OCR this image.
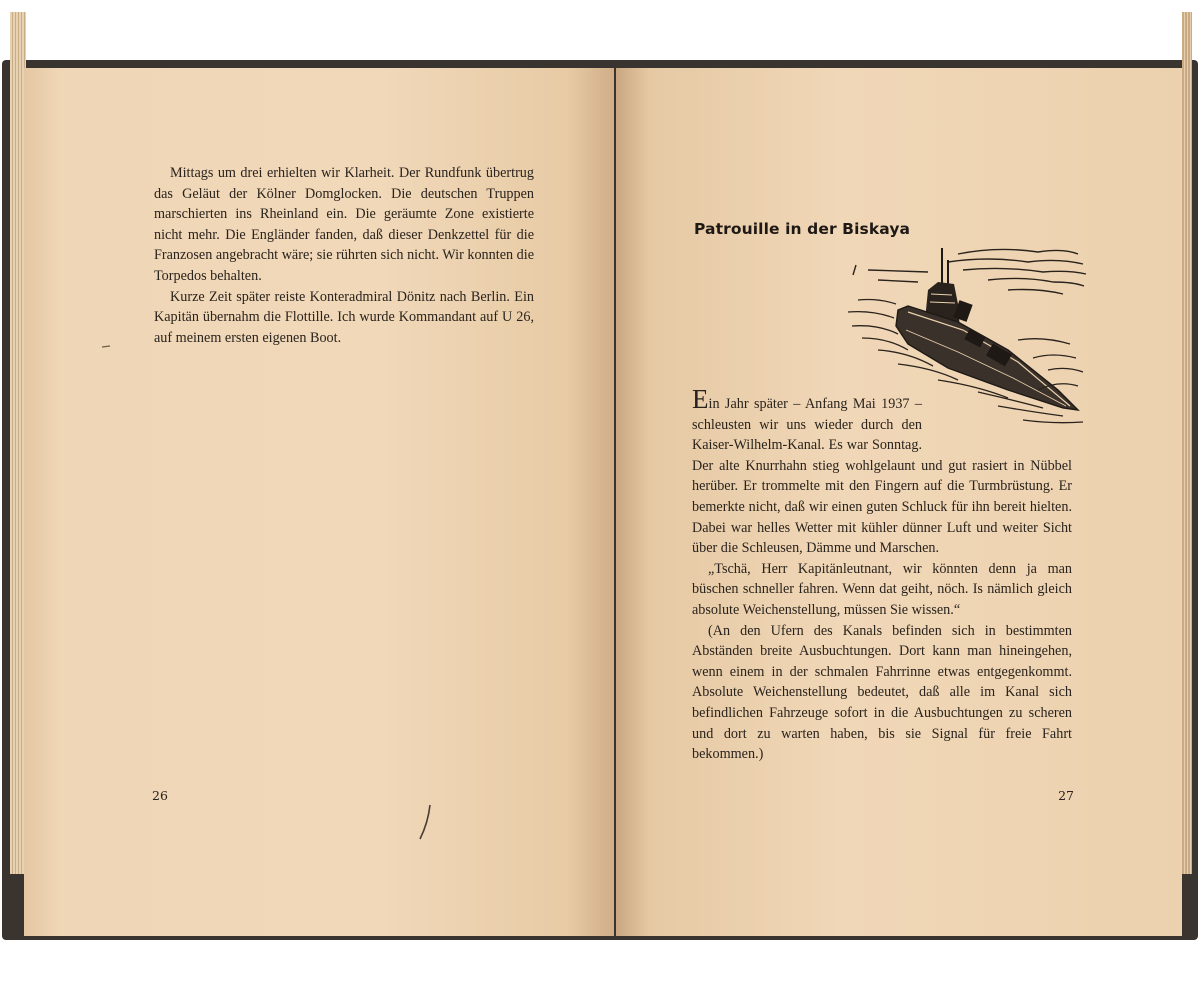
Mittags um drei erhielten wir Klarheit. Der Rundfunk übertrug das Geläut der Kölner Domglocken. Die deutschen Truppen marschierten ins Rheinland ein. Die geräumte Zone existierte nicht mehr. Die Engländer fanden, daß dieser Denkzettel für die Franzosen angebracht wäre; sie rührten sich nicht. Wir konnten die Torpedos behalten.

Kurze Zeit später reiste Konteradmiral Dönitz nach Berlin. Ein Kapitän übernahm die Flottille. Ich wurde Kommandant auf U 26, auf meinem ersten eigenen Boot.

26
Patrouille in der Biskaya

Ein Jahr später – Anfang Mai 1937 – schleusten wir uns wieder durch den Kaiser-Wilhelm-Kanal. Es war Sonntag. Der alte Knurrhahn stieg wohlgelaunt und gut rasiert in Nübbel herüber. Er trommelte mit den Fingern auf die Turmbrüstung. Er bemerkte nicht, daß wir einen guten Schluck für ihn bereit hielten. Dabei war helles Wetter mit kühler dünner Luft und weiter Sicht über die Schleusen, Dämme und Marschen.

„Tschä, Herr Kapitänleutnant, wir könnten denn ja man büschen schneller fahren. Wenn dat geiht, nöch. Is nämlich gleich absolute Weichenstellung, müssen Sie wissen.“

(An den Ufern des Kanals befinden sich in bestimmten Abständen breite Ausbuchtungen. Dort kann man hineingehen, wenn einem in der schmalen Fahrrinne etwas entgegenkommt. Absolute Weichenstellung bedeutet, daß alle im Kanal sich befindlichen Fahrzeuge sofort in die Ausbuchtungen zu scheren und dort zu warten haben, bis sie Signal für freie Fahrt bekommen.)

27
